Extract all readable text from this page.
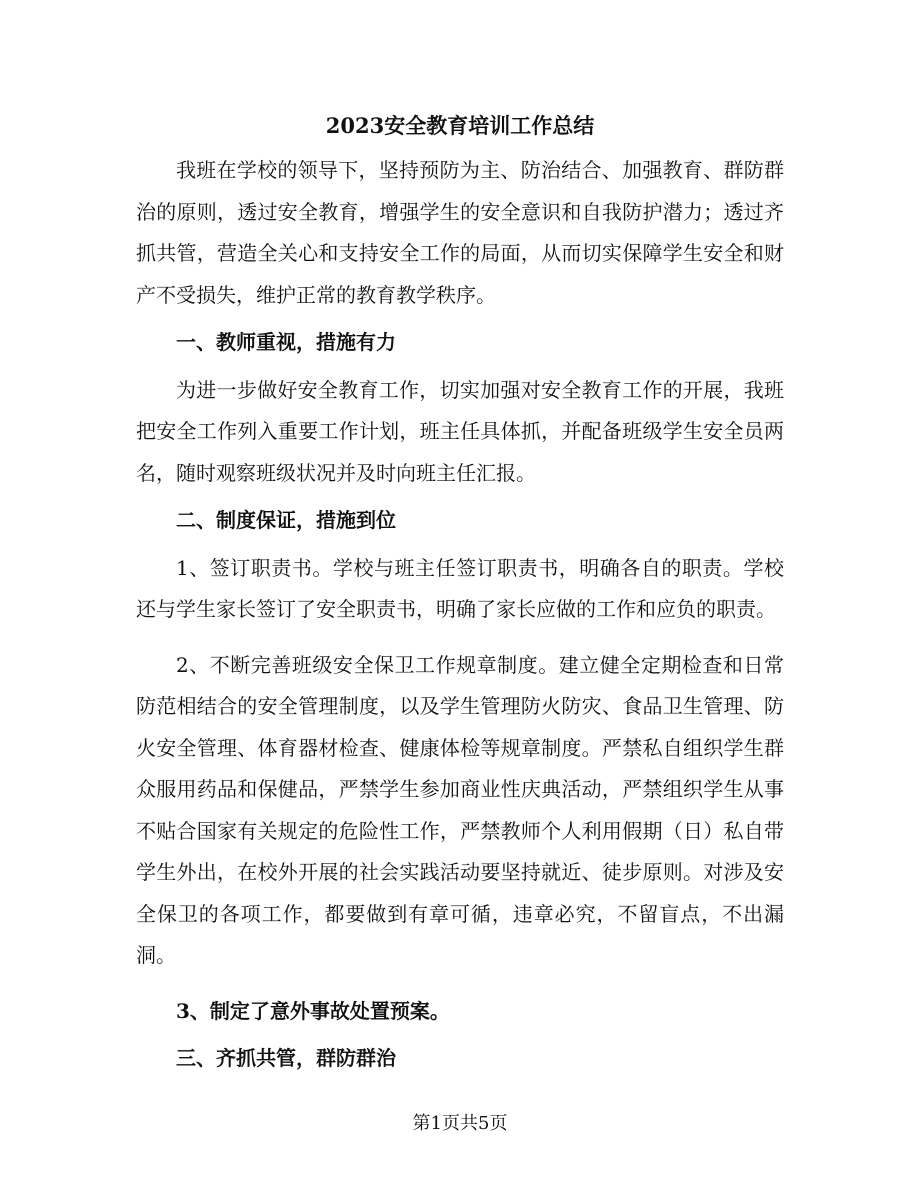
2023安全教育培训工作总结

我班在学校的领导下，坚持预防为主、防治结合、加强教育、群防群治的原则，透过安全教育，增强学生的安全意识和自我防护潜力；透过齐抓共管，营造全关心和支持安全工作的局面，从而切实保障学生安全和财产不受损失，维护正常的教育教学秩序。

一、教师重视，措施有力

为进一步做好安全教育工作，切实加强对安全教育工作的开展，我班把安全工作列入重要工作计划，班主任具体抓，并配备班级学生安全员两名，随时观察班级状况并及时向班主任汇报。

二、制度保证，措施到位

1、签订职责书。学校与班主任签订职责书，明确各自的职责。学校还与学生家长签订了安全职责书，明确了家长应做的工作和应负的职责。

2、不断完善班级安全保卫工作规章制度。建立健全定期检查和日常防范相结合的安全管理制度，以及学生管理防火防灾、食品卫生管理、防火安全管理、体育器材检查、健康体检等规章制度。严禁私自组织学生群众服用药品和保健品，严禁学生参加商业性庆典活动，严禁组织学生从事不贴合国家有关规定的危险性工作，严禁教师个人利用假期（日）私自带学生外出，在校外开展的社会实践活动要坚持就近、徒步原则。对涉及安全保卫的各项工作，都要做到有章可循，违章必究，不留盲点，不出漏洞。

3、制定了意外事故处置预案。

三、齐抓共管，群防群治

第1页共5页
